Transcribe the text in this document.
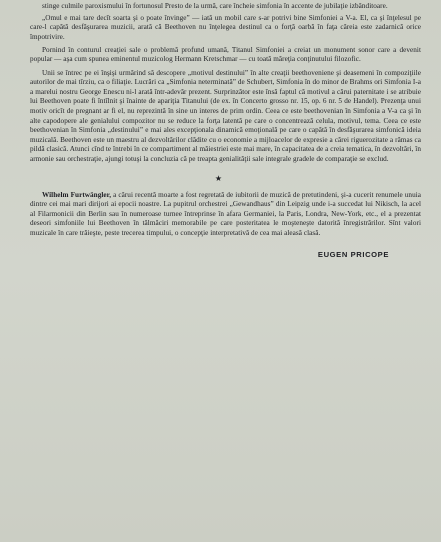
stinge culmile paroxismului în fortunosul Presto de la urmă, care încheie simfonia în accente de jubilaţie izbânditoare.

„Omul e mai tare decît soarta şi o poate învinge” — iată un mobil care s-ar potrivi bine Simfoniei a V-a. El, ca şi înţelesul pe care-l capătă desfăşurarea muzicii, arată că Beethoven nu înţelegea destinul ca o forţă oarbă în faţa căreia este zadarnică orice împotrivire.

Pornind în conturul creaţiei sale o problemă profund umană, Titanul Simfoniei a creiat un monument sonor care a devenit popular — aşa cum spunea eminentul muzicolog Hermann Kretschmar — cu toată măreţia conţinutului filozofic.

Unii se întrec pe ei înşişi urmărind să descopere „motivul destinului” în alte creaţii beethoveniene şi deasemeni în compoziţiile autorilor de mai tîrziu, ca o filiaţie. Lucrări ca „Simfonia neterminată” de Schubert, Simfonia în do minor de Brahms ori Simfonia I-a a marelui nostru George Enescu ni-l arată într-adevăr prezent. Surprinzător este însă faptul că motivul a cărui paternitate i se atribuie lui Beethoven poate fi întîlnit şi înainte de apariţia Titanului (de ex. în Concerto grosso nr. 15, op. 6 nr. 5 de Handel). Prezenţa unui motiv oricît de pregnant ar fi el, nu reprezintă în sine un interes de prim ordin. Ceea ce este beethovenian în Simfonia a V-a ca şi în alte capodopere ale genialului compozitor nu se reduce la forţa latentă pe care o concentrează celula, motivul, tema. Ceea ce este beethovenian în Simfonia „destinului” e mai ales excepţionala dinamică emoţională pe care o capătă în desfăşurarea simfonică ideia muzicală. Beethoven este un maestru al dezvoltărilor clădite cu o economie a mijloacelor de expresie a cărei riguerozitate a rămas ca pildă clasică. Atunci cînd te întrebi în ce compartiment al măiestriei este mai mare, în capacitatea de a creia tematica, în dezvoltări, în armonie sau orchestraţie, ajungi totuşi la concluzia că pe treapta genialităţii sale integrale gradele de comparaţie se exclud.

★

Wilhelm Furtwängler, a cărui recentă moarte a fost regretată de iubitorii de muzică de pretutindeni, şi-a cucerit renumele unuia dintre cei mai mari dirijori ai epocii noastre. La pupitrul orchestrei „Gewandhaus” din Leipzig unde i-a succedat lui Nikisch, la acel al Filarmonicii din Berlin sau în numeroase turnee întreprinse în afara Germaniei, la Paris, Londra, New-York, etc., el a prezentat deseori simfoniile lui Beethoven în tălmăciri memorabile pe care posteritatea le moşteneşte datorită înregistrărilor. Sînt valori muzicale în care trăieşte, peste trecerea timpului, o concepţie interpretativă de cea mai aleasă clasă.

EUGEN PRICOPE
